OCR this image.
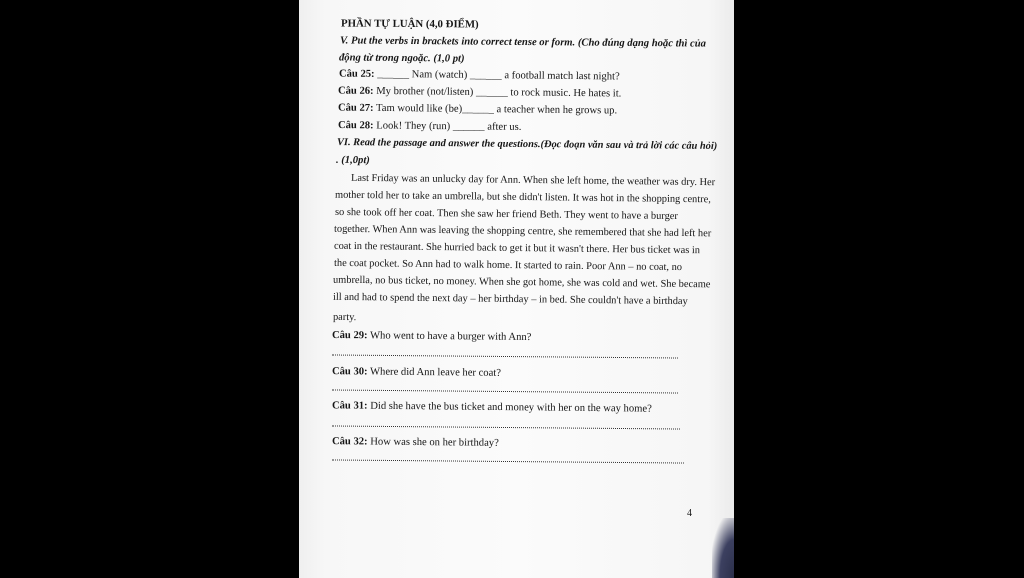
PHẦN TỰ LUẬN (4,0 ĐIỂM)
V. Put the verbs in brackets into correct tense or form. (Cho đúng dạng hoặc thì của
động từ trong ngoặc. (1,0 pt)
Câu 25: ______ Nam (watch) ______ a football match last night?
Câu 26: My brother (not/listen) ______ to rock music. He hates it.
Câu 27: Tam would like (be)______ a teacher when he grows up.
Câu 28: Look! They (run) ______ after us.
VI. Read the passage and answer the questions.(Đọc đoạn văn sau và trả lời các câu hỏi)
. (1,0pt)
Last Friday was an unlucky day for Ann. When she left home, the weather was dry. Her
mother told her to take an umbrella, but she didn't listen. It was hot in the shopping centre,
so she took off her coat. Then she saw her friend Beth. They went to have a burger
together. When Ann was leaving the shopping centre, she remembered that she had left her
coat in the restaurant. She hurried back to get it but it wasn't there. Her bus ticket was in
the coat pocket. So Ann had to walk home. It started to rain. Poor Ann – no coat, no
umbrella, no bus ticket, no money. When she got home, she was cold and wet. She became
ill and had to spend the next day – her birthday – in bed. She couldn't have a birthday
party.
Câu 29: Who went to have a burger with Ann?
Câu 30: Where did Ann leave her coat?
Câu 31: Did she have the bus ticket and money with her on the way home?
Câu 32: How was she on her birthday?
4
